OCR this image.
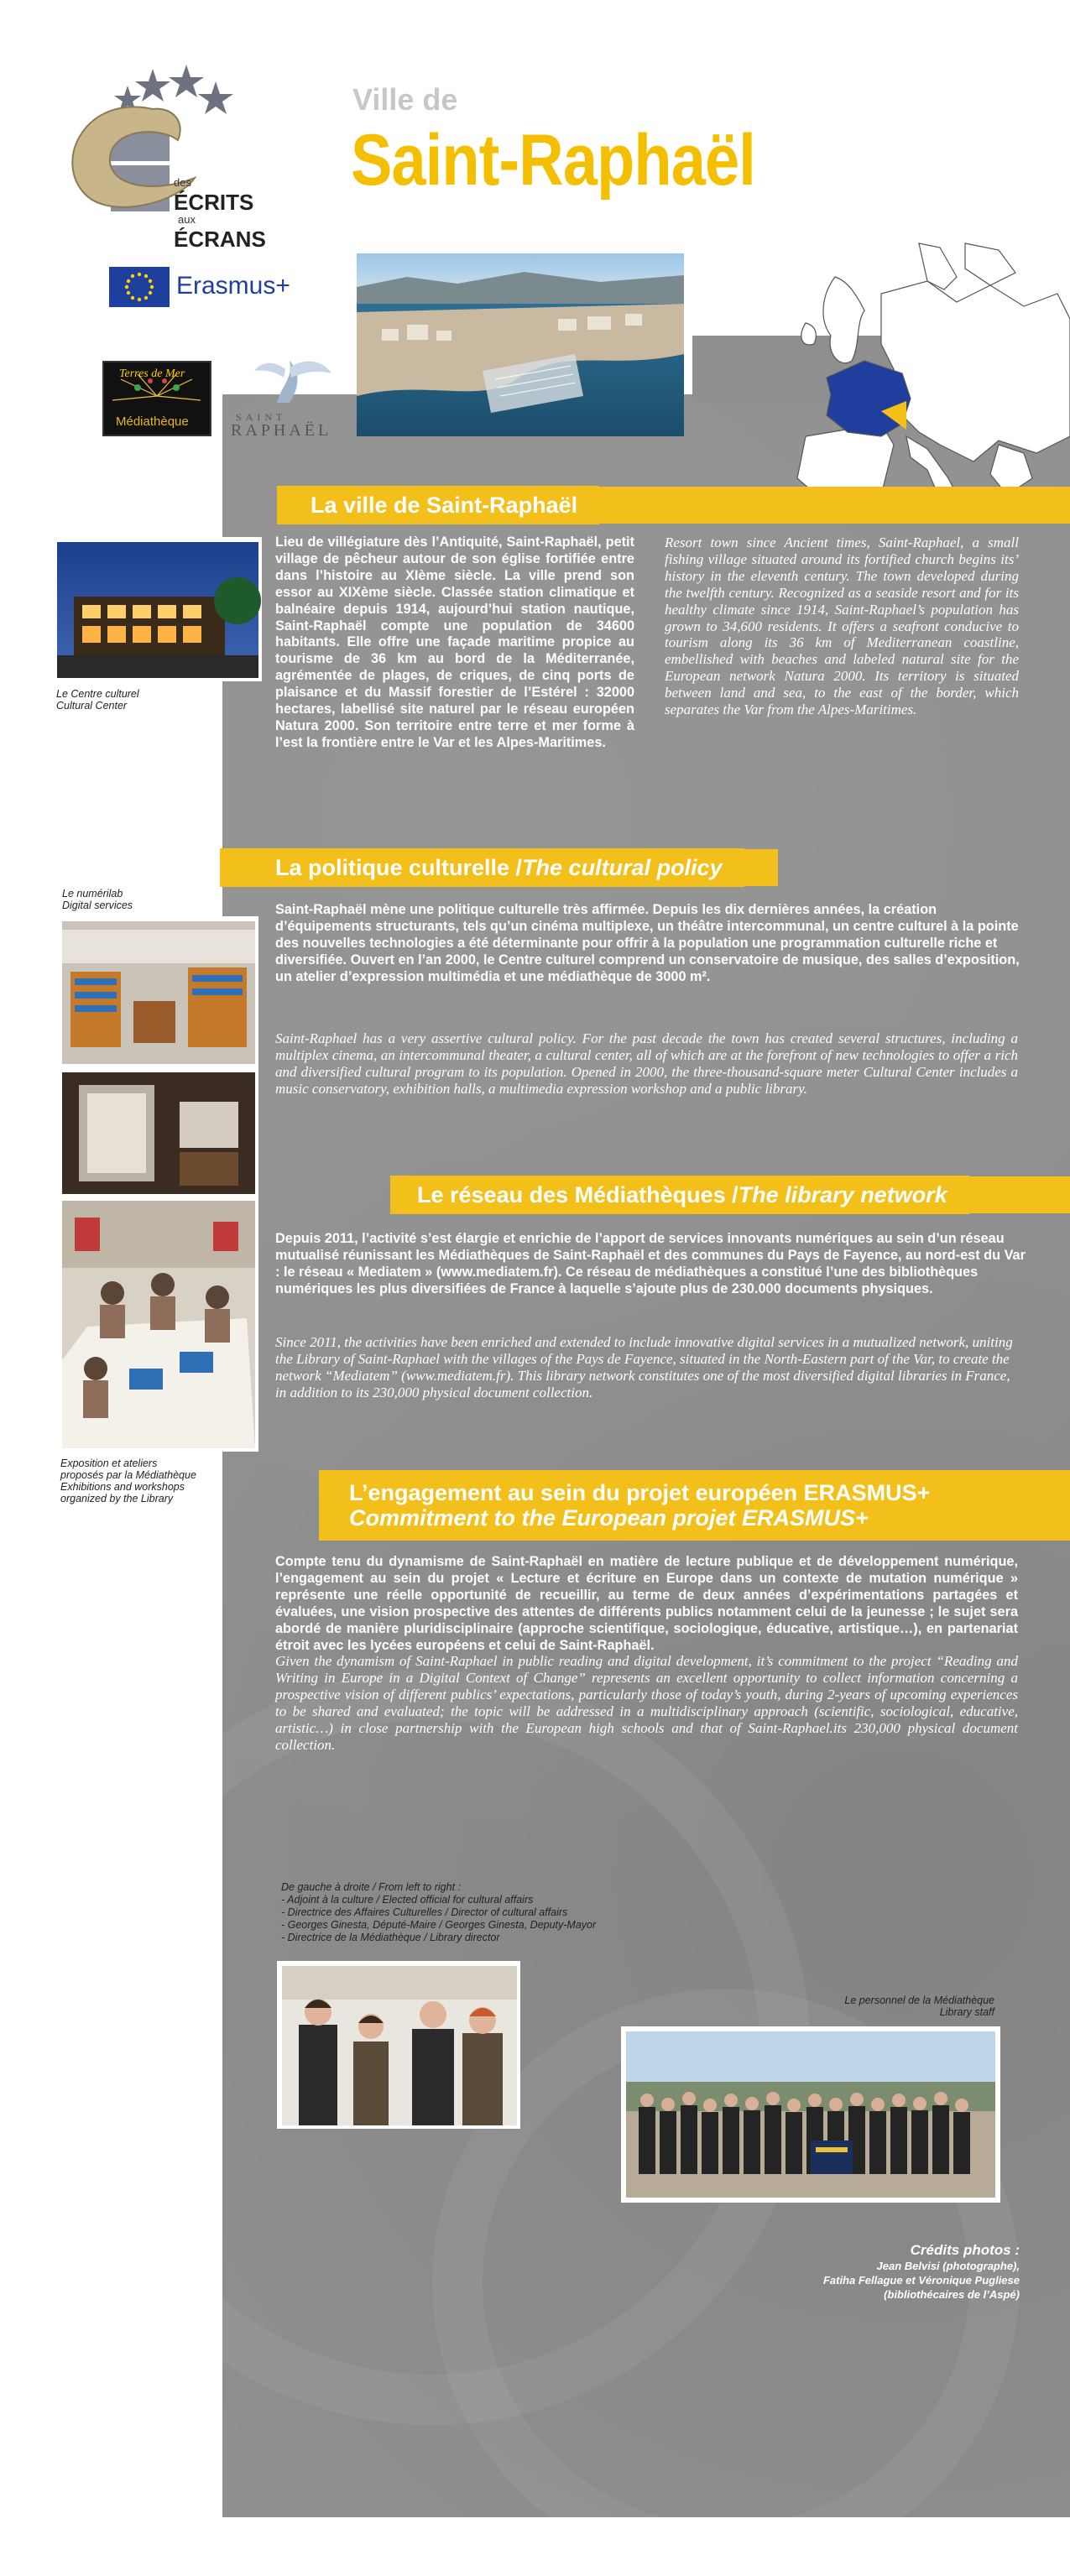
des
ÉCRITS
aux
ÉCRANS
Erasmus+
Terres de Mer
Médiathèque	SAINT
RAPHAËL
Ville de
Saint-Raphaël
La ville de Saint-Raphaël
Le Centre culturel
Cultural Center
Lieu de villégiature dès l’Antiquité, Saint-Raphaël, petit village de pêcheur autour de son église fortifiée entre dans l’histoire au XIème siècle. La ville prend son essor au XIXème siècle. Classée station climatique et balnéaire depuis 1914, aujourd’hui station nautique, Saint-Raphaël compte une population de 34600 habitants. Elle offre une façade maritime propice au tourisme de 36 km au bord de la Méditerranée, agrémentée de plages, de criques, de cinq ports de plaisance et du Massif forestier de l’Estérel : 32000 hectares, labellisé site naturel par le réseau européen Natura 2000. Son territoire entre terre et mer forme à l’est la frontière entre le Var et les Alpes-Maritimes.
Resort town since Ancient times, Saint-Raphael, a small fishing village situated around its fortified church begins its’ history in the eleventh century. The town developed during the twelfth century. Recognized as a seaside resort and for its healthy climate since 1914, Saint-Raphael’s population has grown to 34,600 residents. It offers a seafront conducive to tourism along its 36 km of Mediterranean coastline, embellished with beaches and labeled natural site for the European network Natura 2000. Its territory is situated between land and sea, to the east of the border, which separates the Var from the Alpes-Maritimes.
La politique culturelle / The cultural policy
Le numérilab
Digital services
Exposition et ateliers
proposés par la Médiathèque
Exhibitions and workshops
organized by the Library
Saint-Raphaël mène une politique culturelle très affirmée. Depuis les dix dernières années, la création d’équipements structurants, tels qu’un cinéma multiplexe, un théâtre intercommunal, un centre culturel à la pointe des nouvelles technologies a été déterminante pour offrir à la population une programmation culturelle riche et diversifiée. Ouvert en l’an 2000, le Centre culturel comprend un conservatoire de musique, des salles d’exposition, un atelier d’expression multimédia et une médiathèque de 3000 m².
Saint-Raphael has a very assertive cultural policy. For the past decade the town has created several structures, including a multiplex cinema, an intercommunal theater, a cultural center, all of which are at the forefront of new technologies to offer a rich and diversified cultural program to its population. Opened in 2000, the three-thousand-square meter Cultural Center includes a music conservatory, exhibition halls, a multimedia expression workshop and a public library.
Le réseau des Médiathèques / The library network
Depuis 2011, l’activité s’est élargie et enrichie de l’apport de services innovants numériques au sein d’un réseau mutualisé réunissant les Médiathèques de Saint-Raphaël et des communes du Pays de Fayence, au nord-est du Var : le réseau « Mediatem » (www.mediatem.fr). Ce réseau de médiathèques a constitué l’une des bibliothèques numériques les plus diversifiées de France à laquelle s’ajoute plus de 230.000 documents physiques.
Since 2011, the activities have been enriched and extended to include innovative digital services in a mutualized network, uniting the Library of Saint-Raphael with the villages of the Pays de Fayence, situated in the North-Eastern part of the Var, to create the network “Mediatem” (www.mediatem.fr). This library network constitutes one of the most diversified digital libraries in France, in addition to its 230,000 physical document collection.
L’engagement au sein du projet européen ERASMUS+
Commitment to the European projet ERASMUS+
Compte tenu du dynamisme de Saint-Raphaël en matière de lecture publique et de développement numérique, l’engagement au sein du projet « Lecture et écriture en Europe dans un contexte de mutation numérique » représente une réelle opportunité de recueillir, au terme de deux années d’expérimentations partagées et évaluées, une vision prospective des attentes de différents publics notamment celui de la jeunesse ; le sujet sera abordé de manière pluridisciplinaire (approche scientifique, sociologique, éducative, artistique…), en partenariat étroit avec les lycées européens et celui de Saint-Raphaël.
Given the dynamism of Saint-Raphael in public reading and digital development, it’s commitment to the project “Reading and Writing in Europe in a Digital Context of Change” represents an excellent opportunity to collect information concerning a prospective vision of different publics’ expectations, particularly those of today’s youth, during 2-years of upcoming experiences to be shared and evaluated; the topic will be addressed in a multidisciplinary approach (scientific, sociological, educative, artistic…) in close partnership with the European high schools and that of Saint-Raphael.its 230,000 physical document collection.
De gauche à droite / From left to right :
- Adjoint à la culture / Elected official for cultural affairs
- Directrice des Affaires Culturelles / Director of cultural affairs
- Georges Ginesta, Député-Maire / Georges Ginesta, Deputy-Mayor
- Directrice de la Médiathèque / Library director
Le personnel de la Médiathèque
Library staff
Crédits photos :
Jean Belvisi (photographe),
Fatiha Fellague et Véronique Pugliese
(bibliothécaires de l’Aspé)
